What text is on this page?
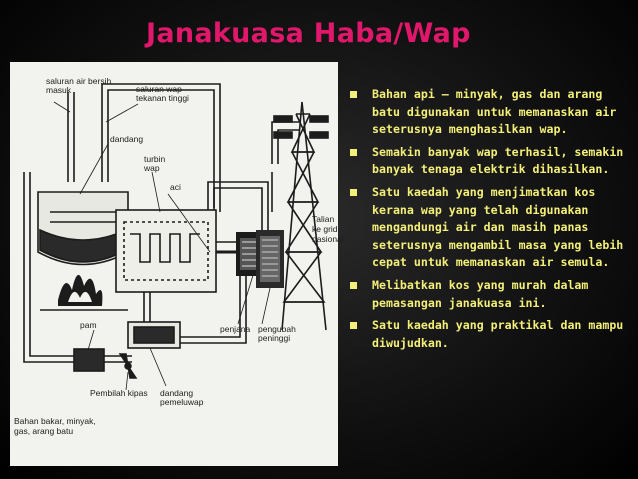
Janakuasa Haba/Wap
saluran air bersih masuk	saluran wap tekanan tinggi
dandang
turbin wap
aci
Talian ke grid nasional
pam	penjana pengubah peninggi
dandang pemeluwap
Pembilah kipas
Bahan bakar, minyak, gas, arang batu
Bahan api – minyak, gas dan arang batu digunakan untuk memanaskan air seterusnya menghasilkan wap.
Semakin banyak wap terhasil, semakin banyak tenaga elektrik dihasilkan.
Satu kaedah yang menjimatkan kos kerana wap yang telah digunakan mengandungi air dan masih panas seterusnya mengambil masa yang lebih cepat untuk memanaskan air semula.
Melibatkan kos yang murah dalam pemasangan janakuasa ini.
Satu kaedah yang praktikal dan mampu diwujudkan.
